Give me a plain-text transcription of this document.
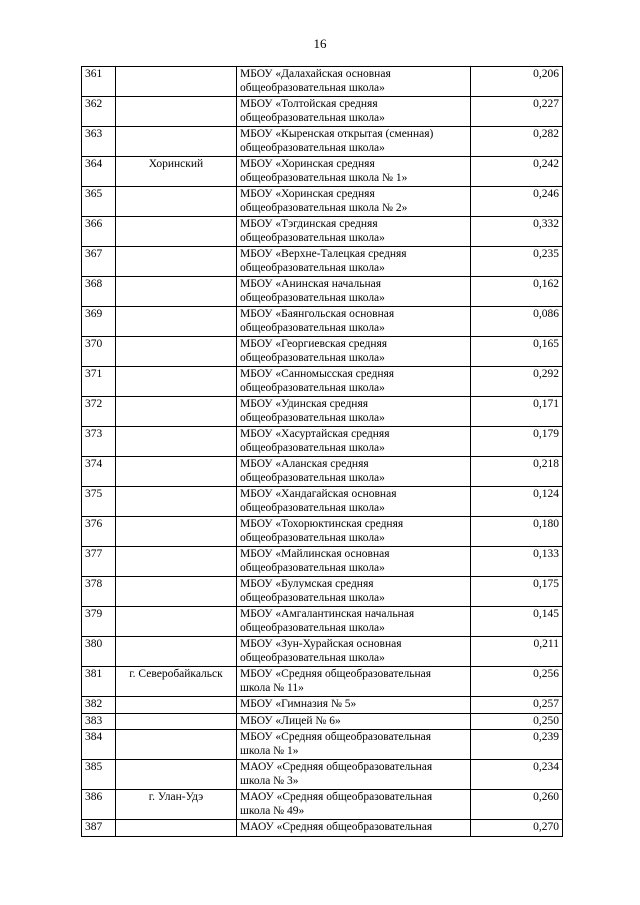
16
361		МБОУ «Далахайская основная
общеобразовательная школа»	0,206
362		МБОУ «Толтойская средняя
общеобразовательная школа»	0,227
363		МБОУ «Кыренская открытая (сменная)
общеобразовательная школа»	0,282
364	Хоринский	МБОУ «Хоринская средняя
общеобразовательная школа № 1»	0,242
365		МБОУ «Хоринская средняя
общеобразовательная школа № 2»	0,246
366		МБОУ «Тэгдинская средняя
общеобразовательная школа»	0,332
367		МБОУ «Верхне-Талецкая средняя
общеобразовательная школа»	0,235
368		МБОУ «Анинская начальная
общеобразовательная школа»	0,162
369		МБОУ «Баянгольская основная
общеобразовательная школа»	0,086
370		МБОУ «Георгиевская средняя
общеобразовательная школа»	0,165
371		МБОУ «Санномысская средняя
общеобразовательная школа»	0,292
372		МБОУ «Удинская средняя
общеобразовательная школа»	0,171
373		МБОУ «Хасуртайская средняя
общеобразовательная школа»	0,179
374		МБОУ «Аланская средняя
общеобразовательная школа»	0,218
375		МБОУ «Хандагайская основная
общеобразовательная школа»	0,124
376		МБОУ «Тохорюктинская средняя
общеобразовательная школа»	0,180
377		МБОУ «Майлинская основная
общеобразовательная школа»	0,133
378		МБОУ «Булумская средняя
общеобразовательная школа»	0,175
379		МБОУ «Амгалантинская начальная
общеобразовательная школа»	0,145
380		МБОУ «Зун-Хурайская основная
общеобразовательная школа»	0,211
381	г. Северобайкальск	МБОУ «Средняя общеобразовательная
школа № 11»	0,256
382		МБОУ «Гимназия № 5»	0,257
383		МБОУ «Лицей № 6»	0,250
384		МБОУ «Средняя общеобразовательная
школа № 1»	0,239
385		МАОУ «Средняя общеобразовательная
школа № 3»	0,234
386	г. Улан-Удэ	МАОУ «Средняя общеобразовательная
школа № 49»	0,260
387		МАОУ «Средняя общеобразовательная	0,270
